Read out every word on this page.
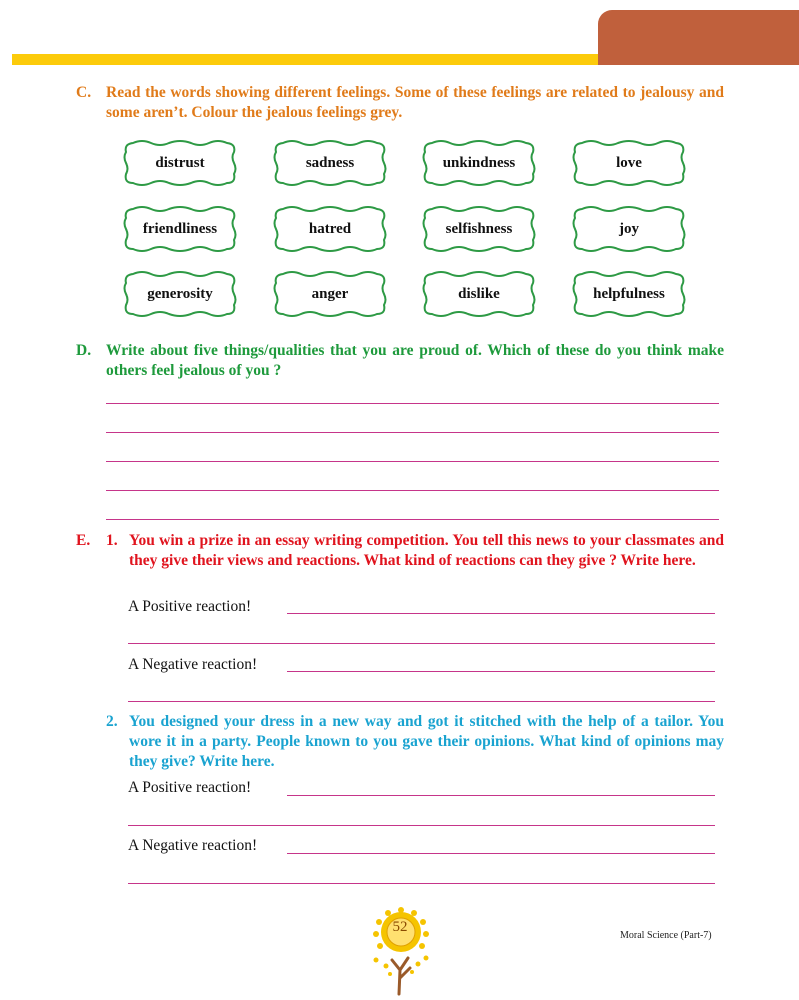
C. Read the words showing different feelings. Some of these feelings are related to jealousy and some aren’t. Colour the jealous feelings grey.
distrust	sadness	unkindness	love
friendliness	hatred	selfishness	joy
generosity	anger	dislike	helpfulness
D. Write about five things/qualities that you are proud of. Which of these do you think make others feel jealous of you ?
E. 1. You win a prize in an essay writing competition. You tell this news to your classmates and they give their views and reactions. What kind of reactions can they give ? Write here.
A Positive reaction!
A Negative reaction!
2. You designed your dress in a new way and got it stitched with the help of a tailor. You wore it in a party. People known to you gave their opinions. What kind of opinions may they give? Write here.
A Positive reaction!
A Negative reaction!
52
Moral Science (Part-7)
